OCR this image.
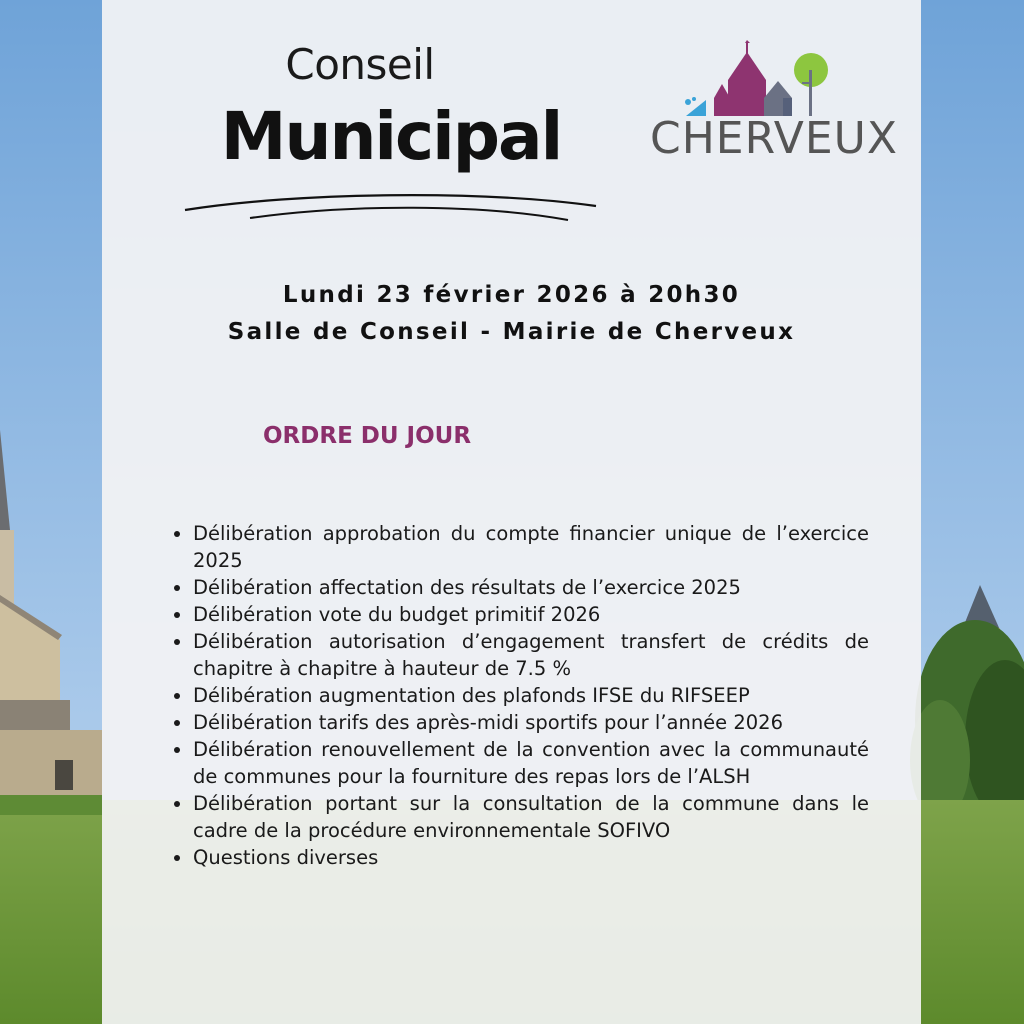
Conseil
Municipal	CHERVEUX
Lundi 23 février 2026 à 20h30
Salle de Conseil - Mairie de Cherveux
ORDRE DU JOUR
Délibération approbation du compte financier unique de l’exercice 2025
Délibération affectation des résultats de l’exercice 2025
Délibération vote du budget primitif 2026
Délibération autorisation d’engagement transfert de crédits de chapitre à chapitre à hauteur de 7.5 %
Délibération augmentation des plafonds IFSE du RIFSEEP
Délibération tarifs des après-midi sportifs pour l’année 2026
Délibération renouvellement de la convention avec la communauté de communes pour la fourniture des repas lors de l’ALSH
Délibération portant sur la consultation de la commune dans le cadre de la procédure environnementale SOFIVO
Questions diverses
